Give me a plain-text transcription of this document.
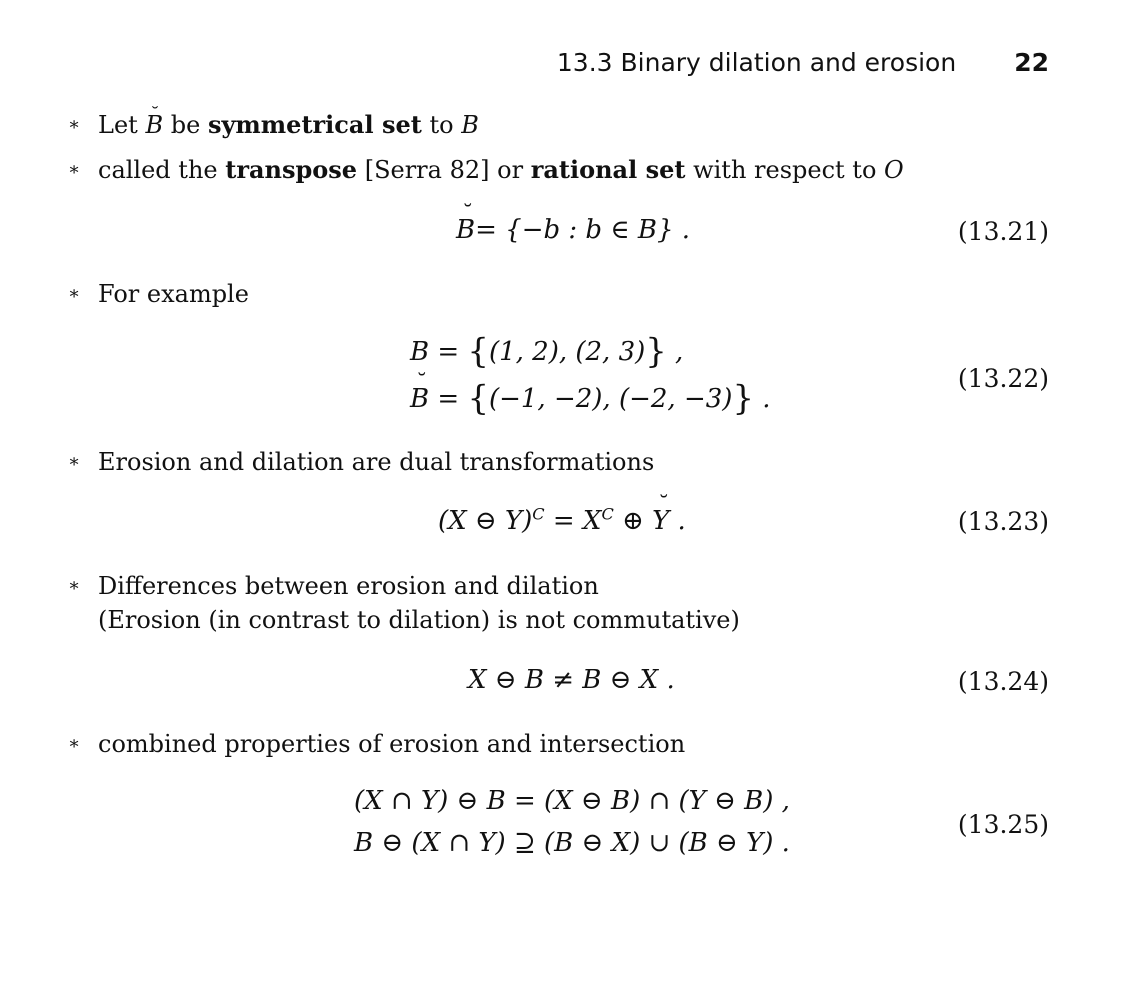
13.3 Binary dilation and erosion 22
∗ Let ˘ B be symmetrical set to B
∗ called the transpose [Serra 82] or rational set with respect to O
˘ B= {−b : b ∈ B} .	(13.21)
∗ For example
B = {(1, 2), (2, 3)} ,
˘ B = {(−1, −2), (−2, −3)} .
(13.22)
∗ Erosion and dilation are dual transformations
(X ⊖ $Y)^C = X^C$ ⊕ ˘ Y .	(13.23)
∗ Differences between erosion and dilation
(Erosion (in contrast to dilation) is not commutative)
X ⊖ B ≠ B ⊖ X .	(13.24)
∗ combined properties of erosion and intersection
(X ∩ Y) ⊖ B = (X ⊖ B) ∩ (Y ⊖ B) ,
B ⊖ (X ∩ Y) ⊇ (B ⊖ X) ∪ (B ⊖ Y) .
(13.25)
